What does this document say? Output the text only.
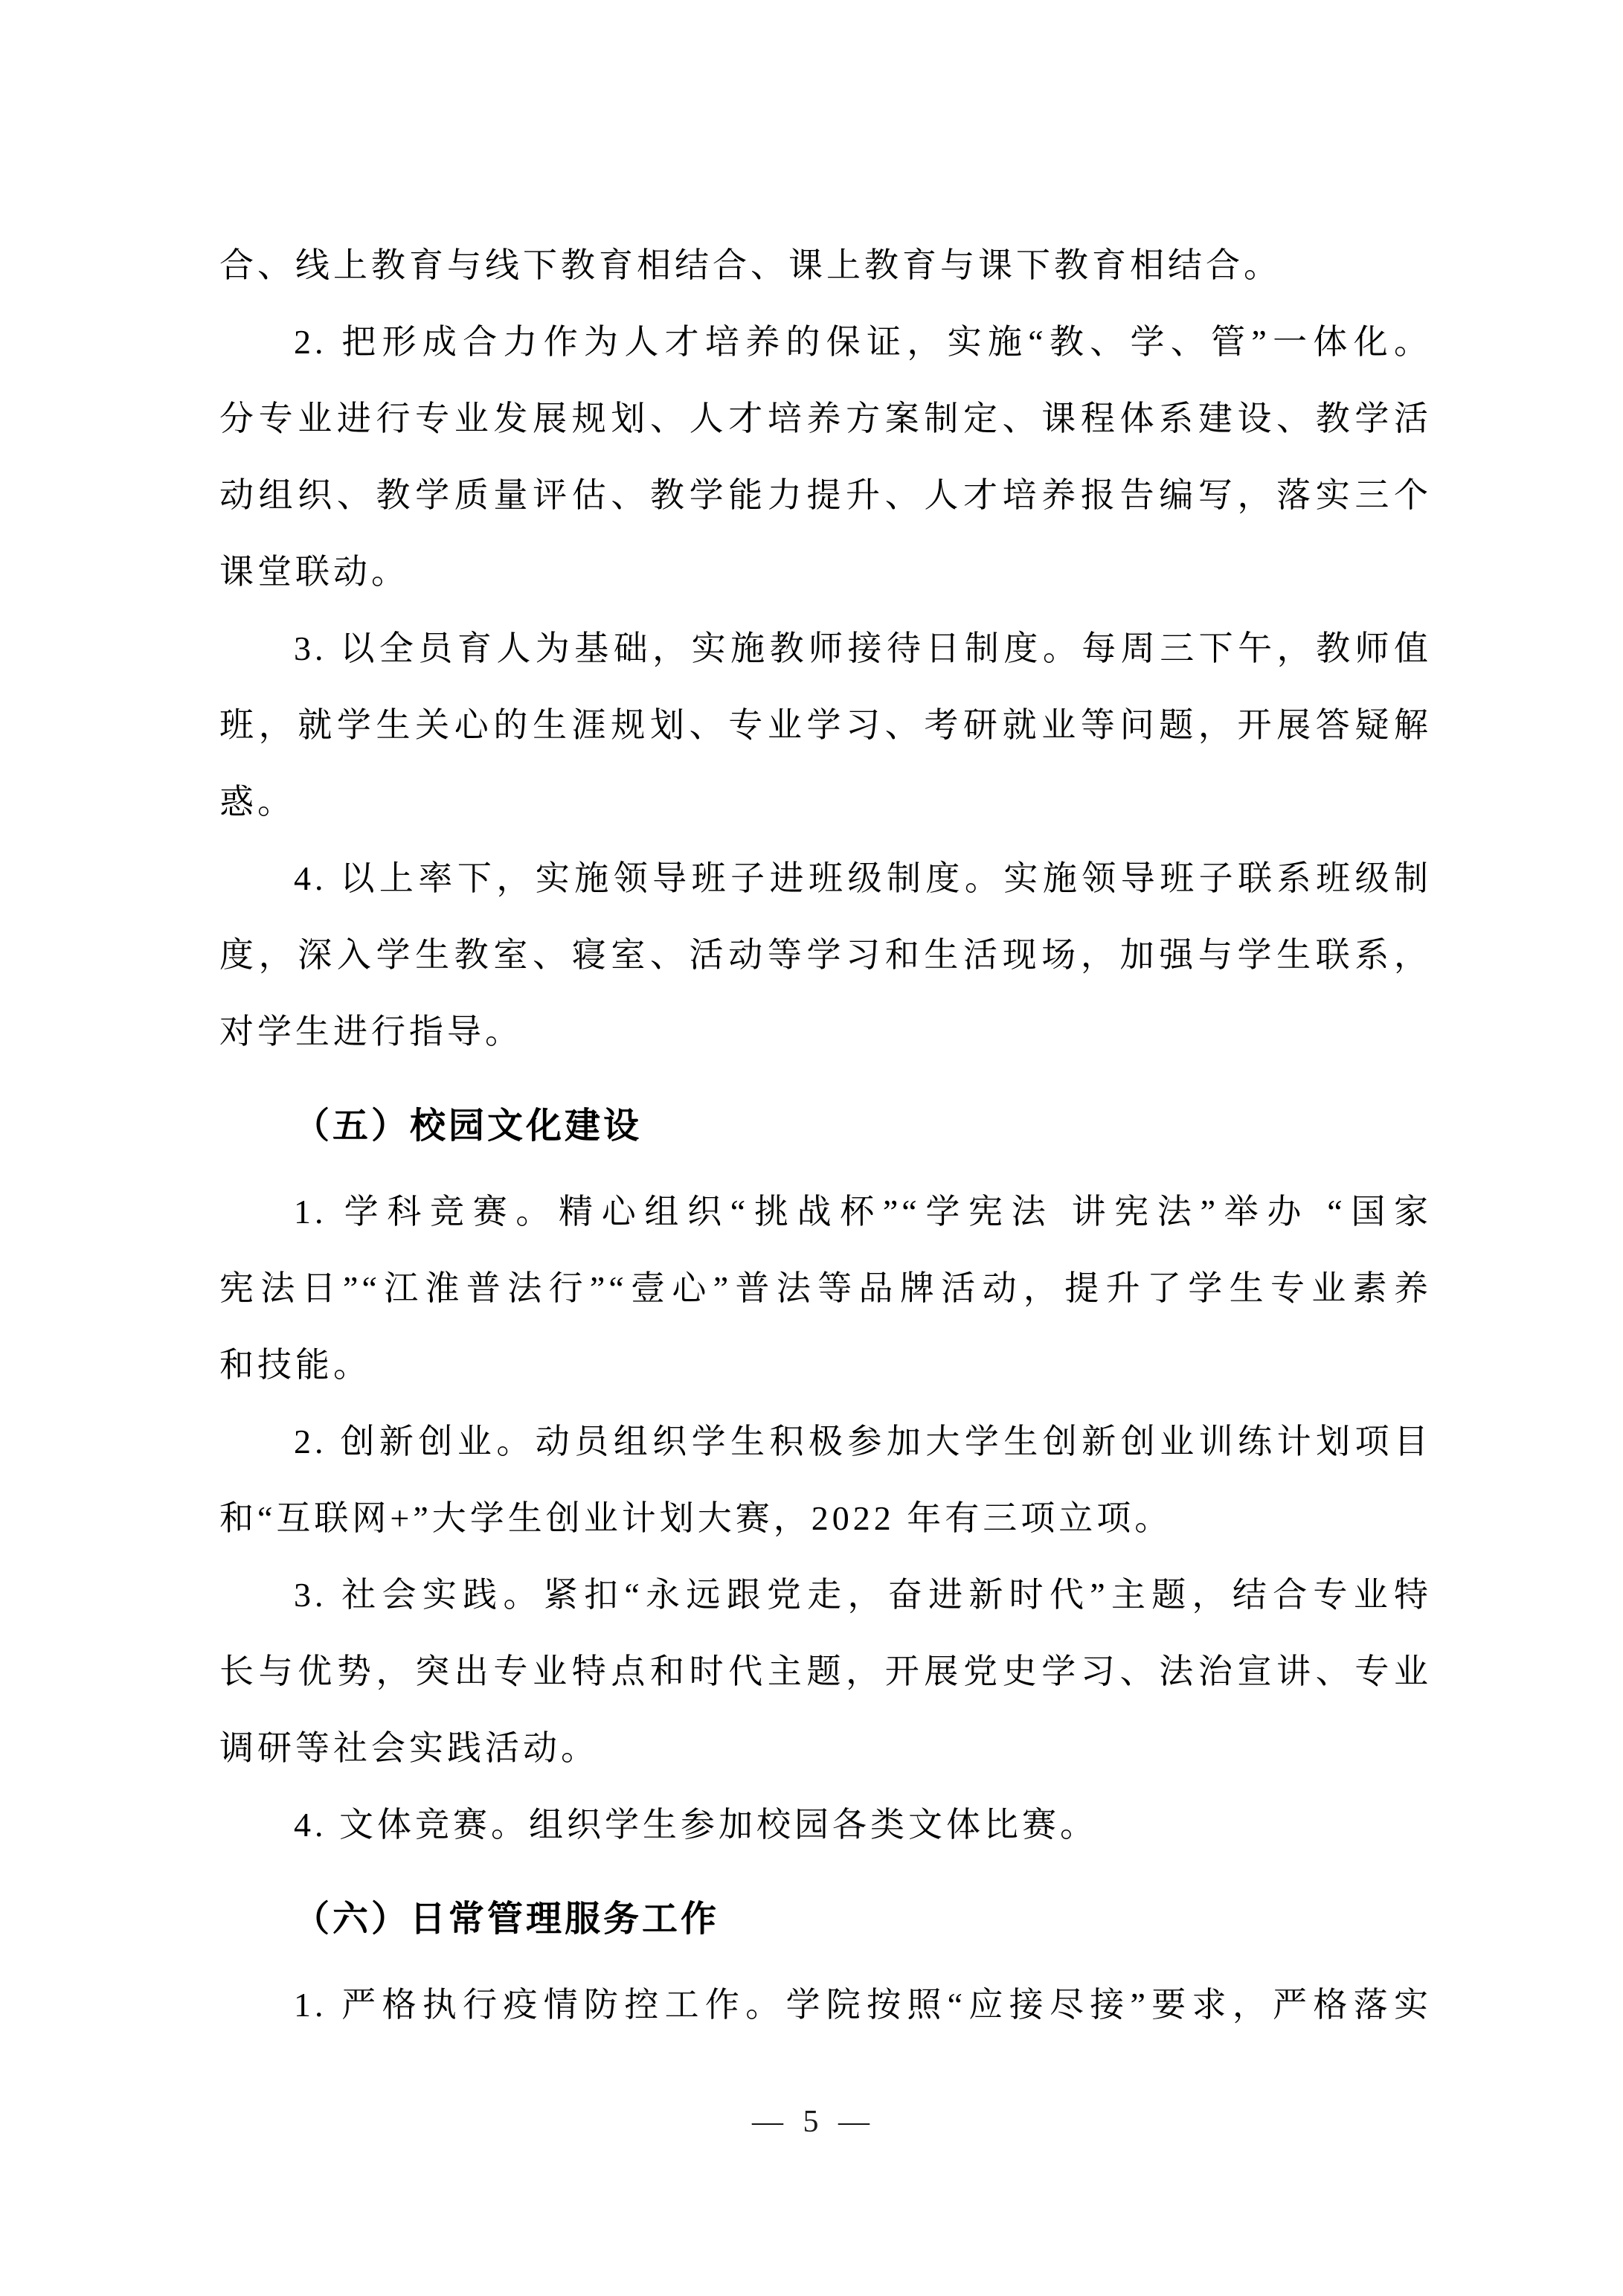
合、线上教育与线下教育相结合、课上教育与课下教育相结合。
2. 把形成合力作为人才培养的保证，实施“教、学、管”一体化。
分专业进行专业发展规划、人才培养方案制定、课程体系建设、教学活
动组织、教学质量评估、教学能力提升、人才培养报告编写，落实三个
课堂联动。
3. 以全员育人为基础，实施教师接待日制度。每周三下午，教师值
班，就学生关心的生涯规划、专业学习、考研就业等问题，开展答疑解
惑。
4. 以上率下，实施领导班子进班级制度。实施领导班子联系班级制
度，深入学生教室、寝室、活动等学习和生活现场，加强与学生联系，
对学生进行指导。
（五）校园文化建设
1. 学科竞赛。精心组织“挑战杯”“学宪法 讲宪法”举办 “国家
宪法日”“江淮普法行”“壹心”普法等品牌活动，提升了学生专业素养
和技能。
2. 创新创业。动员组织学生积极参加大学生创新创业训练计划项目
和“互联网+”大学生创业计划大赛，2022 年有三项立项。
3. 社会实践。紧扣“永远跟党走，奋进新时代”主题，结合专业特
长与优势，突出专业特点和时代主题，开展党史学习、法治宣讲、专业
调研等社会实践活动。
4. 文体竞赛。组织学生参加校园各类文体比赛。
（六）日常管理服务工作
1. 严格执行疫情防控工作。学院按照“应接尽接”要求，严格落实
— 5 —
